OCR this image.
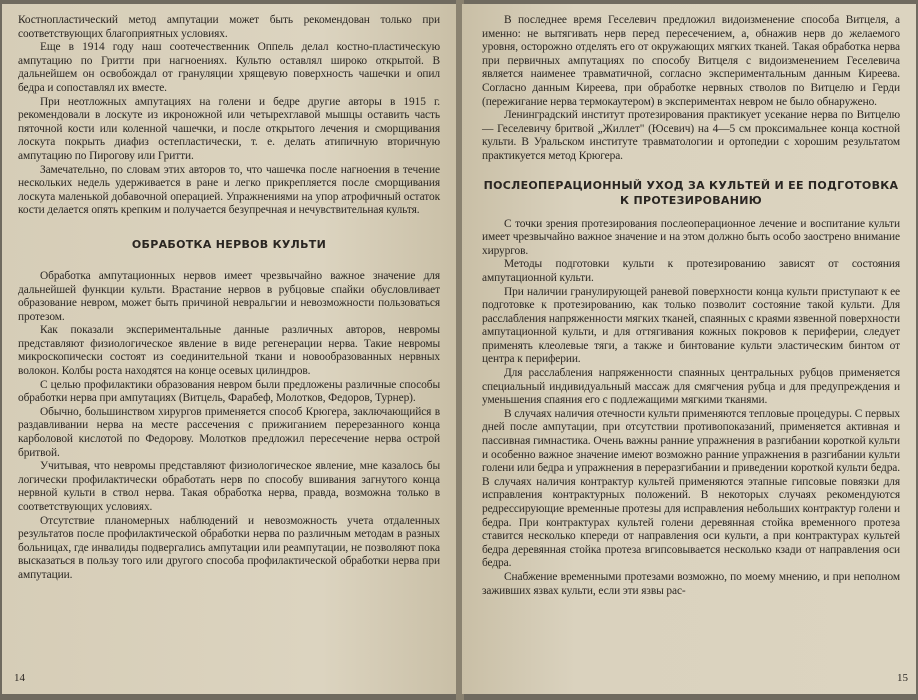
Костнопластический метод ампутации может быть рекомендован только при соответствующих благоприятных условиях.

Еще в 1914 году наш соотечественник Оппель делал костно-пластическую ампутацию по Гритти при нагноениях. Культю оставлял широко открытой. В дальнейшем он освобождал от грануляции хрящевую поверхность чашечки и опил бедра и сопоставлял их вместе.

При неотложных ампутациях на голени и бедре другие авторы в 1915 г. рекомендовали в лоскуте из икроножной или четырехглавой мышцы оставить часть пяточной кости или коленной чашечки, и после открытого лечения и сморщивания лоскута покрыть диафиз остепластически, т. е. делать атипичную вторичную ампутацию по Пирогову или Гритти.

Замечательно, по словам этих авторов то, что чашечка после нагноения в течение нескольких недель удерживается в ране и легко прикрепляется после сморщивания лоскута маленькой добавочной операцией. Упражнениями на упор атрофичный остаток кости делается опять крепким и получается безупречная и нечувствительная культя.

ОБРАБОТКА НЕРВОВ КУЛЬТИ

Обработка ампутационных нервов имеет чрезвычайно важное значение для дальнейшей функции культи. Врастание нервов в рубцовые спайки обусловливает образование невром, может быть причиной невральгии и невозможности пользоваться протезом.

Как показали экспериментальные данные различных авторов, невромы представляют физиологическое явление в виде регенерации нерва. Такие невромы микроскопически состоят из соединительной ткани и новообразованных нервных волокон. Колбы роста находятся на конце осевых цилиндров.

С целью профилактики образования невром были предложены различные способы обработки нерва при ампутациях (Витцель, Фарабеф, Молотков, Федоров, Турнер).

Обычно, большинством хирургов применяется способ Крюгера, заключающийся в раздавливании нерва на месте рассечения с прижиганием перерезанного конца карболовой кислотой по Федорову. Молотков предложил пересечение нерва острой бритвой.

Учитывая, что невромы представляют физиологическое явление, мне казалось бы логически профилактически обработать нерв по способу вшивания загнутого конца нервной культи в ствол нерва. Такая обработка нерва, правда, возможна только в соответствующих условиях.

Отсутствие планомерных наблюдений и невозможность учета отдаленных результатов после профилактической обработки нерва по различным методам в разных больницах, где инвалиды подвергались ампутации или реампутации, не позволяют пока высказаться в пользу того или другого способа профилактической обработки нерва при ампутации.

14

В последнее время Геселевич предложил видоизменение способа Витцеля, а именно: не вытягивать нерв перед пересечением, а, обнажив нерв до желаемого уровня, осторожно отделять его от окружающих мягких тканей. Такая обработка нерва при первичных ампутациях по способу Витцеля с видоизменением Геселевича является наименее травматичной, согласно экспериментальным данным Киреева. Согласно данным Киреева, при обработке нервных стволов по Витцелю и Герди (пережигание нерва термокаутером) в экспериментах невром не было обнаружено.

Ленинградский институт протезирования практикует усекание нерва по Витцелю — Геселевичу бритвой „Жиллет" (Юсевич) на 4—5 см проксимальнее конца костной культи. В Уральском институте травматологии и ортопедии с хорошим результатом практикуется метод Крюгера.

ПОСЛЕОПЕРАЦИОННЫЙ УХОД ЗА КУЛЬТЕЙ И ЕЕ ПОДГОТОВКА
К ПРОТЕЗИРОВАНИЮ

С точки зрения протезирования послеоперационное лечение и воспитание культи имеет чрезвычайно важное значение и на этом должно быть особо заострено внимание хирургов.

Методы подготовки культи к протезированию зависят от состояния ампутационной культи.

При наличии гранулирующей раневой поверхности конца культи приступают к ее подготовке к протезированию, как только позволит состояние такой культи. Для расслабления напряженности мягких тканей, спаянных с краями язвенной поверхности ампутационной культи, и для оттягивания кожных покровов к периферии, следует применять клеолевые тяги, а также и бинтование культи эластическим бинтом от центра к периферии.

Для расслабления напряженности спаянных центральных рубцов применяется специальный индивидуальный массаж для смягчения рубца и для предупреждения и уменьшения спаяния его с подлежащими мягкими тканями.

В случаях наличия отечности культи применяются тепловые процедуры. С первых дней после ампутации, при отсутствии противопоказаний, применяется активная и пассивная гимнастика. Очень важны ранние упражнения в разгибании короткой культи и особенно важное значение имеют возможно ранние упражнения в разгибании культи голени или бедра и упражнения в переразгибании и приведении короткой культи бедра. В случаях наличия контрактур культей применяются этапные гипсовые повязки для исправления контрактурных положений. В некоторых случаях рекомендуются редрессирующие временные протезы для исправления небольших контрактур голени и бедра. При контрактурах культей голени деревянная стойка временного протеза ставится несколько кпереди от направления оси культи, а при контрактурах культей бедра деревянная стойка протеза вгипсовывается несколько кзади от направления оси бедра.

Снабжение временными протезами возможно, по моему мнению, и при неполном заживших язвах культи, если эти язвы рас-

15
